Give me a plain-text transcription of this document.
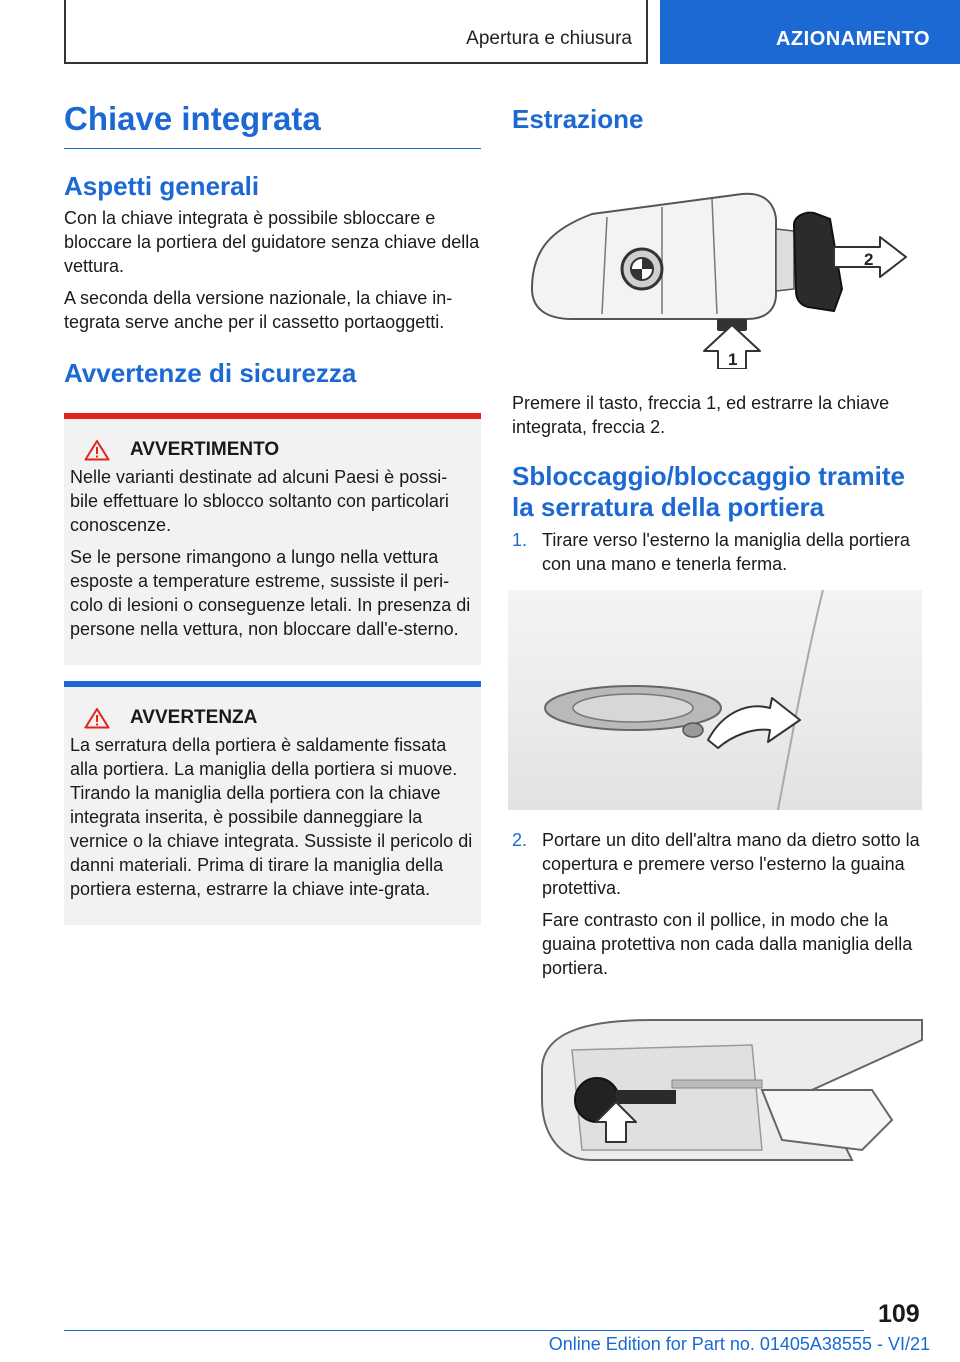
Apertura e chiusura	AZIONAMENTO
Chiave integrata
Aspetti generali

Con la chiave integrata è possibile sbloccare e bloccare la portiera del guidatore senza chiave della vettura.

A seconda della versione nazionale, la chiave in-tegrata serve anche per il cassetto portaoggetti.

Avvertenze di sicurezza
AVVERTIMENTO

Nelle varianti destinate ad alcuni Paesi è possi-bile effettuare lo sblocco soltanto con particolari conoscenze.

Se le persone rimangono a lungo nella vettura esposte a temperature estreme, sussiste il peri-colo di lesioni o conseguenze letali. In presenza di persone nella vettura, non bloccare dall'e-sterno.

AVVERTENZA

La serratura della portiera è saldamente fissata alla portiera. La maniglia della portiera si muove. Tirando la maniglia della portiera con la chiave integrata inserita, è possibile danneggiare la vernice o la chiave integrata. Sussiste il pericolo di danni materiali. Prima di tirare la maniglia della portiera esterna, estrarre la chiave inte-grata.

Estrazione
2
1

Premere il tasto, freccia 1, ed estrarre la chiave integrata, freccia 2.

Sbloccaggio/bloccaggio tramite la serratura della portiera
1. Tirare verso l'esterno la maniglia della portiera con una mano e tenerla ferma.
2. Portare un dito dell'altra mano da dietro sotto la copertura e premere verso l'esterno la guaina protettiva.
Fare contrasto con il pollice, in modo che la guaina protettiva non cada dalla maniglia della portiera.
109
Online Edition for Part no. 01405A38555 - VI/21
